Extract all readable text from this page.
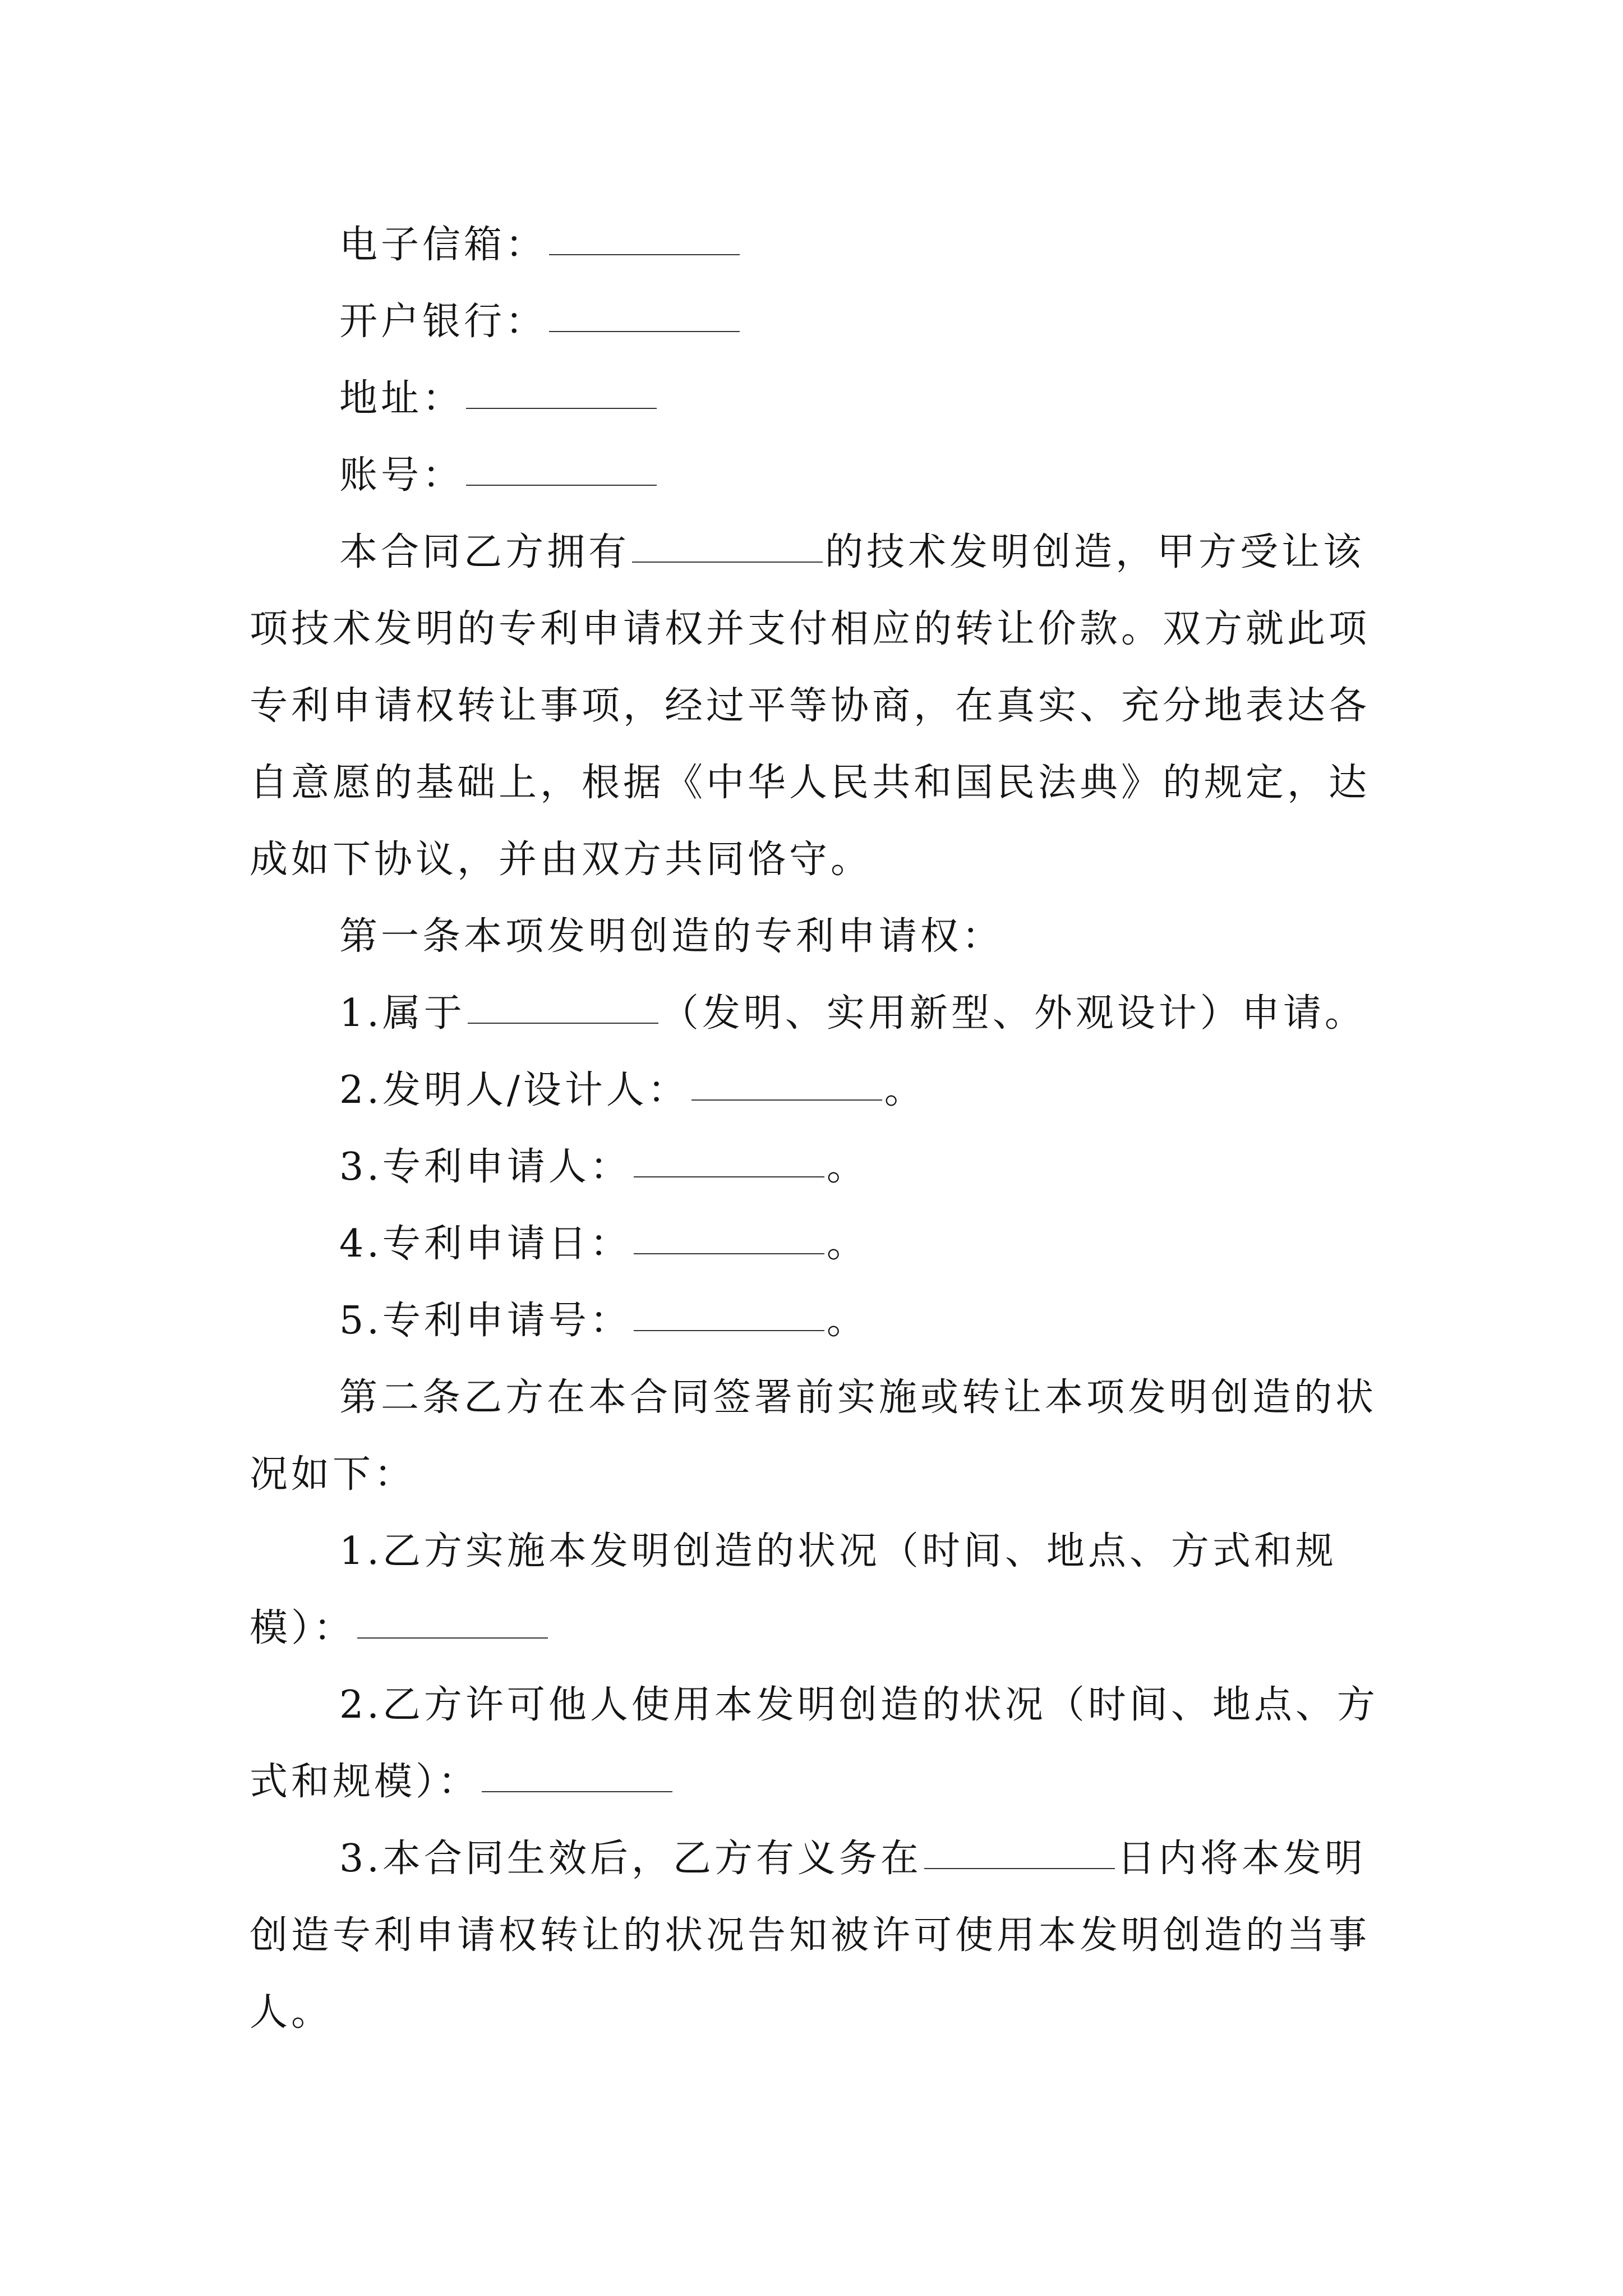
电子信箱：

开户银行：

地址：

账号：

本合同乙方拥有	的技术发明创造，甲方受让该项技术发明的专利申请权并支付相应的转让价款。双方就此项专利申请权转让事项，经过平等协商，在真实、充分地表达各自意愿的基础上，根据《中华人民共和国民法典》的规定，达成如下协议，并由双方共同恪守。

第一条本项发明创造的专利申请权：

1.属于	（发明、实用新型、外观设计）申请。

2.发明人/设计人：	。

3.专利申请人：	。

4.专利申请日：	。

5.专利申请号：	。

第二条乙方在本合同签署前实施或转让本项发明创造的状况如下：

1.乙方实施本发明创造的状况（时间、地点、方式和规模）：

2.乙方许可他人使用本发明创造的状况（时间、地点、方式和规模）：

3.本合同生效后，乙方有义务在	日内将本发明创造专利申请权转让的状况告知被许可使用本发明创造的当事人。
